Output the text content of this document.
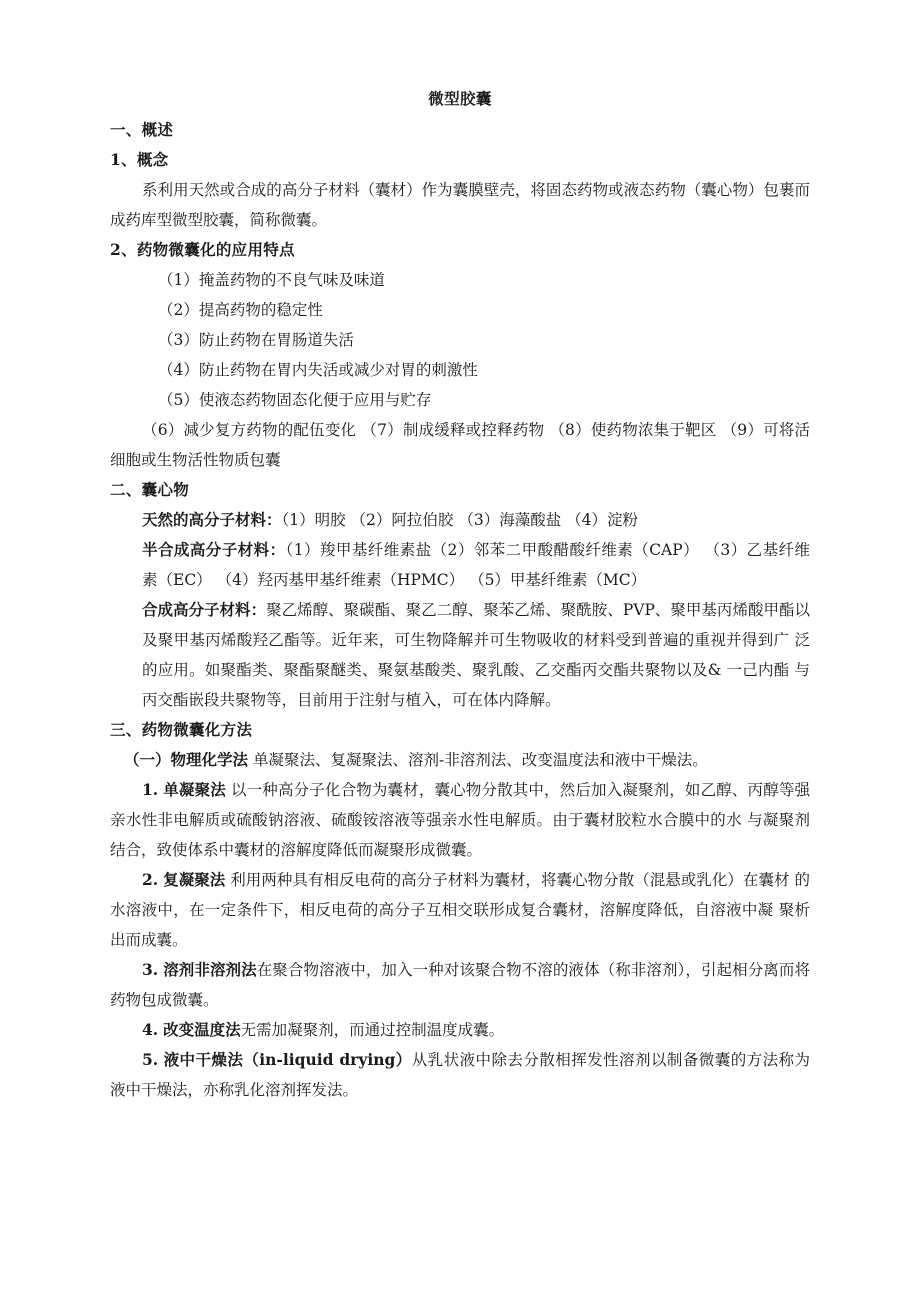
微型胶囊

一、概述

1、概念

系利用天然或合成的高分子材料（囊材）作为囊膜壁壳，将固态药物或液态药物（囊心物）包裹而 成药库型微型胶囊，简称微囊。

2、药物微囊化的应用特点

（1）掩盖药物的不良气味及味道

（2）提高药物的稳定性

（3）防止药物在胃肠道失活

（4）防止药物在胃内失活或减少对胃的刺激性

（5）使液态药物固态化便于应用与贮存

（6）减少复方药物的配伍变化 （7）制成缓释或控释药物 （8）使药物浓集于靶区 （9）可将活细胞或生物活性物质包囊

二、囊心物

天然的高分子材料：（1）明胶 （2）阿拉伯胶 （3）海藻酸盐 （4）淀粉

半合成高分子材料：（1）羧甲基纤维素盐（2）邻苯二甲酸醋酸纤维素（CAP） （3）乙基纤维 素（EC） （4）羟丙基甲基纤维素（HPMC） （5）甲基纤维素（MC）

合成高分子材料：聚乙烯醇、聚碳酯、聚乙二醇、聚苯乙烯、聚酰胺、PVP、聚甲基丙烯酸甲酯以及聚甲基丙烯酸羟乙酯等。近年来，可生物降解并可生物吸收的材料受到普遍的重视并得到广 泛的应用。如聚酯类、聚酯聚醚类、聚氨基酸类、聚乳酸、乙交酯丙交酯共聚物以及& 一己内酯 与丙交酯嵌段共聚物等，目前用于注射与植入，可在体内降解。

三、药物微囊化方法

（一）物理化学法 单凝聚法、复凝聚法、溶剂-非溶剂法、改变温度法和液中干燥法。

1. 单凝聚法 以一种高分子化合物为囊材，囊心物分散其中，然后加入凝聚剂，如乙醇、丙醇等强亲水性非电解质或硫酸钠溶液、硫酸铵溶液等强亲水性电解质。由于囊材胶粒水合膜中的水 与凝聚剂结合，致使体系中囊材的溶解度降低而凝聚形成微囊。

2. 复凝聚法 利用两种具有相反电荷的高分子材料为囊材，将囊心物分散（混悬或乳化）在囊材 的水溶液中，在一定条件下，相反电荷的高分子互相交联形成复合囊材，溶解度降低，自溶液中凝 聚析出而成囊。

3. 溶剂非溶剂法在聚合物溶液中，加入一种对该聚合物不溶的液体（称非溶剂），引起相分离而将药物包成微囊。

4. 改变温度法无需加凝聚剂，而通过控制温度成囊。

5. 液中干燥法（in-liquid drying）从乳状液中除去分散相挥发性溶剂以制备微囊的方法称为液中干燥法，亦称乳化溶剂挥发法。
